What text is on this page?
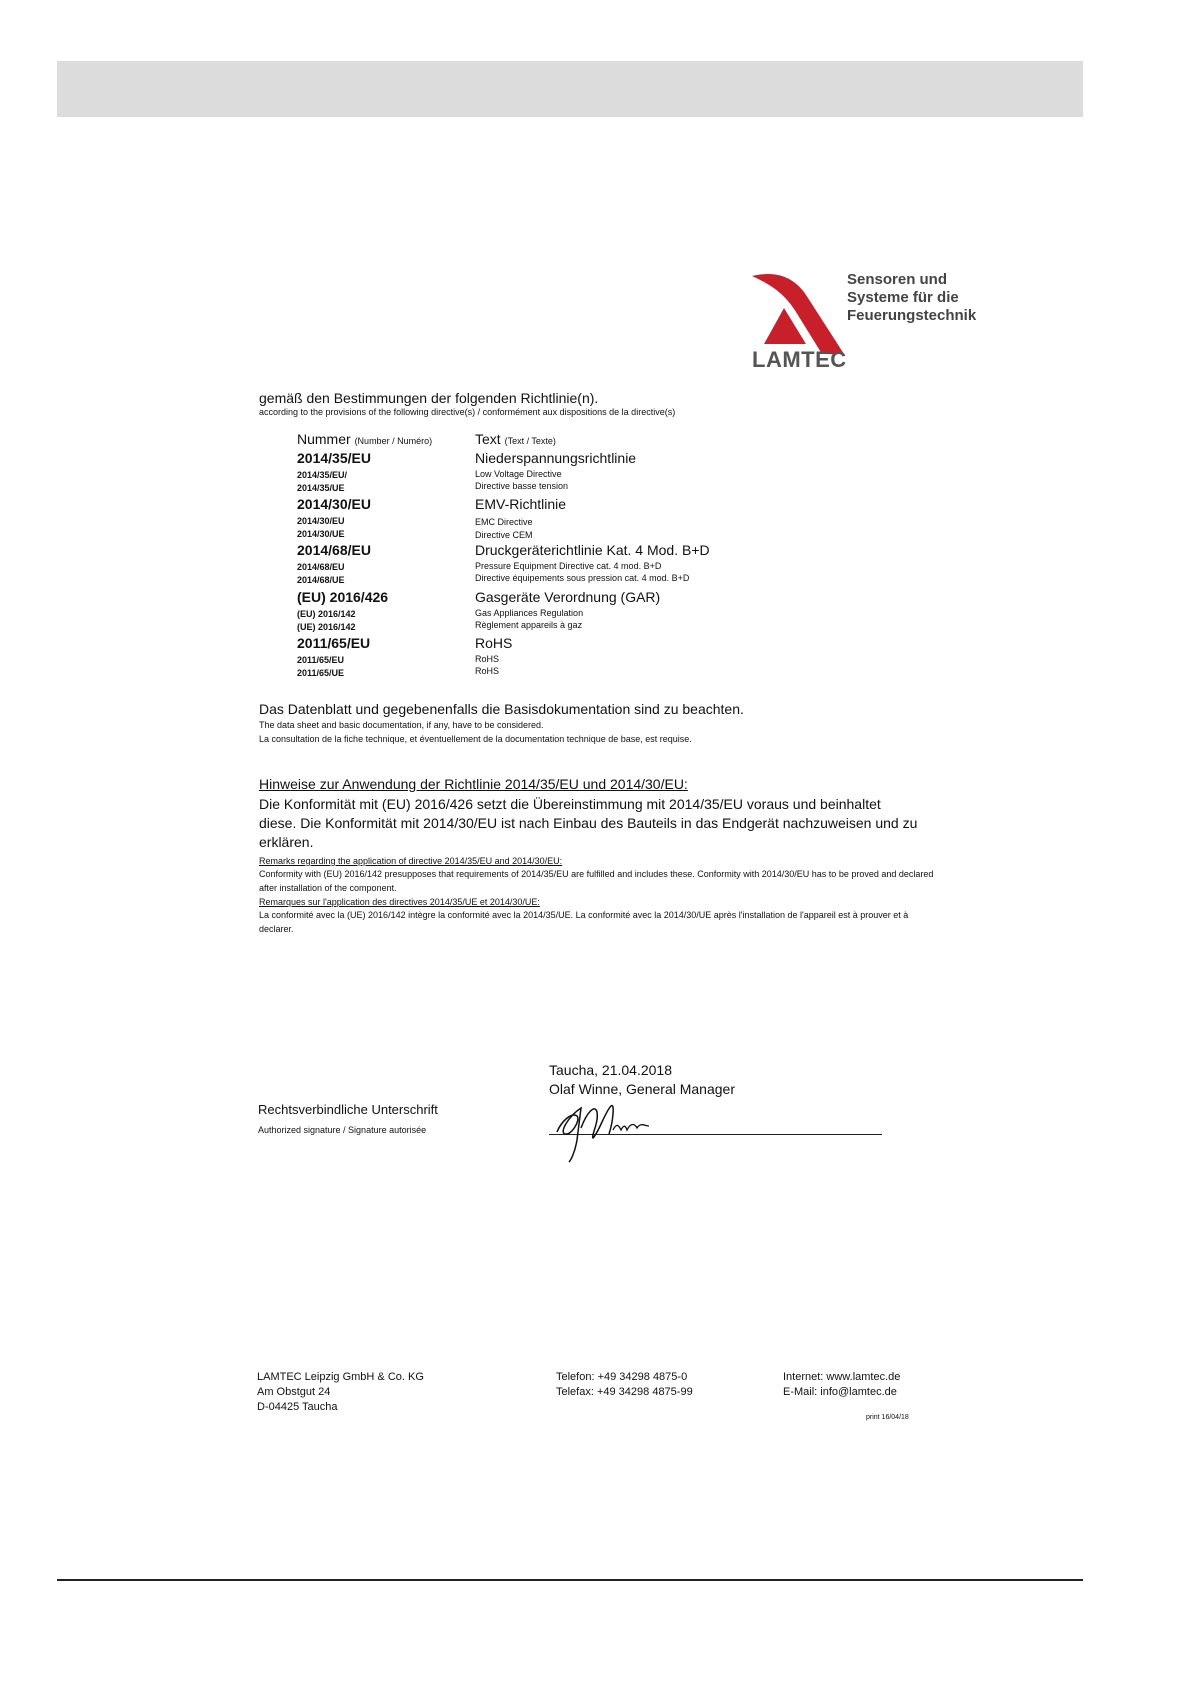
Sensoren und
Systeme für die
Feuerungstechnik
LAMTEC
gemäß den Bestimmungen der folgenden Richtlinie(n).
according to the provisions of the following directive(s) / conformément aux dispositions de la directive(s)
Nummer (Number / Numéro)	Text (Text / Texte)
2014/35/EU
2014/35/EU/
2014/35/UE
Niederspannungsrichtlinie
Low Voltage Directive
Directive basse tension
2014/30/EU
2014/30/EU
2014/30/UE
EMV-Richtlinie
EMC Directive
Directive CEM
2014/68/EU
2014/68/EU
2014/68/UE
Druckgeräterichtlinie Kat. 4 Mod. B+D
Pressure Equipment Directive cat. 4 mod. B+D
Directive équipements sous pression cat. 4 mod. B+D
(EU) 2016/426
(EU) 2016/142
(UE) 2016/142
Gasgeräte Verordnung (GAR)
Gas Appliances Regulation
Règlement appareils à gaz
2011/65/EU
2011/65/EU
2011/65/UE
RoHS
RoHS
RoHS
Das Datenblatt und gegebenenfalls die Basisdokumentation sind zu beachten.
The data sheet and basic documentation, if any, have to be considered.
La consultation de la fiche technique, et éventuellement de la documentation technique de base, est requise.
Hinweise zur Anwendung der Richtlinie 2014/35/EU und 2014/30/EU:
Die Konformität mit (EU) 2016/426 setzt die Übereinstimmung mit 2014/35/EU voraus und beinhaltet diese. Die Konformität mit 2014/30/EU ist nach Einbau des Bauteils in das Endgerät nachzuweisen und zu erklären.
Remarks regarding the application of directive 2014/35/EU and 2014/30/EU:
Conformity with (EU) 2016/142 presupposes that requirements of 2014/35/EU are fulfilled and includes these. Conformity with 2014/30/EU has to be proved and declared after installation of the component.
Remarques sur l'application des directives 2014/35/UE et 2014/30/UE:
La conformité avec la (UE) 2016/142 intègre la conformité avec la 2014/35/UE. La conformité avec la 2014/30/UE après l'installation de l'appareil est à prouver et à declarer.
Taucha, 21.04.2018
Olaf Winne, General Manager
Rechtsverbindliche Unterschrift
Authorized signature / Signature autorisée
LAMTEC Leipzig GmbH & Co. KG
Am Obstgut 24
D-04425 Taucha
Telefon: +49 34298 4875-0
Telefax: +49 34298 4875-99
Internet: www.lamtec.de
E-Mail: info@lamtec.de
print 16/04/18
